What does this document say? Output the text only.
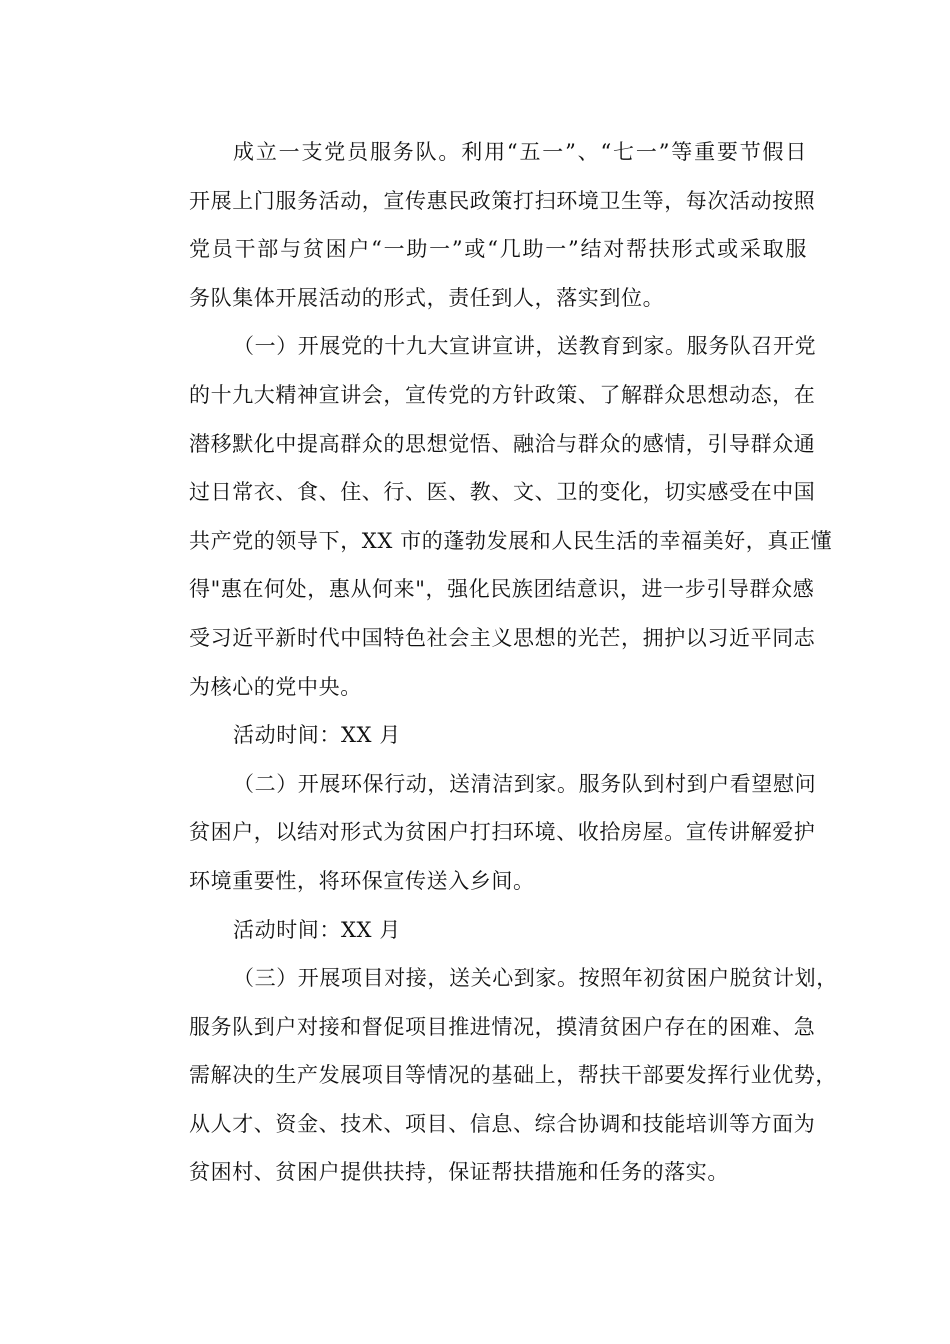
成立一支党员服务队。利用“五一”、“七一”等重要节假日
开展上门服务活动，宣传惠民政策打扫环境卫生等，每次活动按照
党员干部与贫困户“一助一”或“几助一”结对帮扶形式或采取服
务队集体开展活动的形式，责任到人，落实到位。
（一）开展党的十九大宣讲宣讲，送教育到家。服务队召开党
的十九大精神宣讲会，宣传党的方针政策、了解群众思想动态，在
潜移默化中提高群众的思想觉悟、融洽与群众的感情，引导群众通
过日常衣、食、住、行、医、教、文、卫的变化，切实感受在中国
共产党的领导下，XX 市的蓬勃发展和人民生活的幸福美好，真正懂
得"惠在何处，惠从何来"，强化民族团结意识，进一步引导群众感
受习近平新时代中国特色社会主义思想的光芒，拥护以习近平同志
为核心的党中央。
活动时间：XX 月
（二）开展环保行动，送清洁到家。服务队到村到户看望慰问
贫困户，以结对形式为贫困户打扫环境、收拾房屋。宣传讲解爱护
环境重要性，将环保宣传送入乡间。
活动时间：XX 月
（三）开展项目对接，送关心到家。按照年初贫困户脱贫计划，
服务队到户对接和督促项目推进情况，摸清贫困户存在的困难、急
需解决的生产发展项目等情况的基础上，帮扶干部要发挥行业优势，
从人才、资金、技术、项目、信息、综合协调和技能培训等方面为
贫困村、贫困户提供扶持，保证帮扶措施和任务的落实。
